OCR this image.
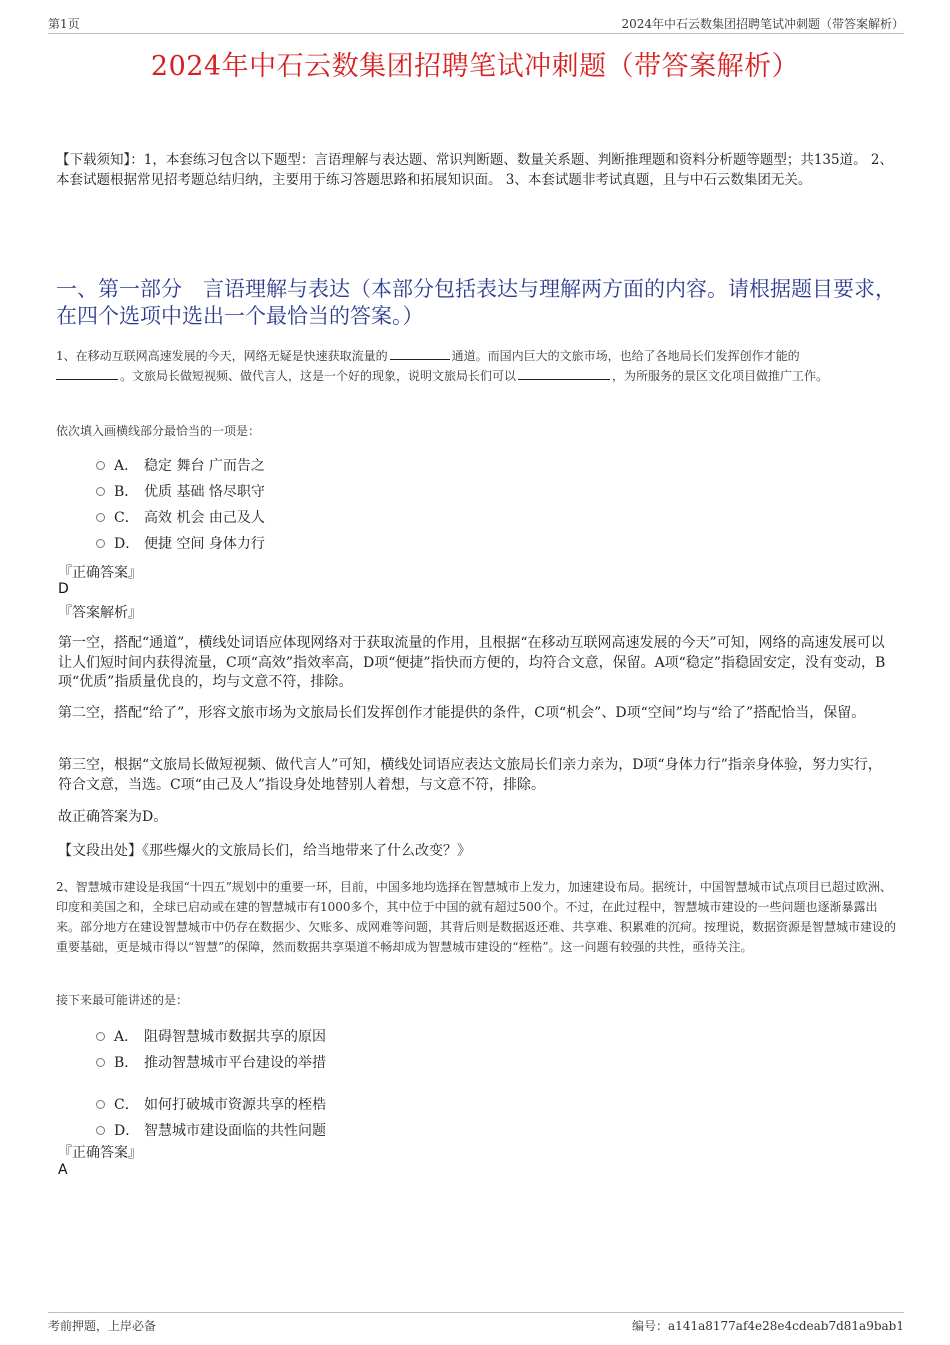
第1页	2024年中石云数集团招聘笔试冲刺题（带答案解析）
2024年中石云数集团招聘笔试冲刺题（带答案解析）
【下载须知】：1，本套练习包含以下题型：言语理解与表达题、常识判断题、数量关系题、判断推理题和资料分析题等题型；共135道。 2、本套试题根据常见招考题总结归纳，主要用于练习答题思路和拓展知识面。 3、本套试题非考试真题，且与中石云数集团无关。
一、第一部分　言语理解与表达（本部分包括表达与理解两方面的内容。请根据题目要求，在四个选项中选出一个最恰当的答案。）
1、在移动互联网高速发展的今天，网络无疑是快速获取流量的	通道。而国内巨大的文旅市场，也给了各地局长们发挥创作才能的
。文旅局长做短视频、做代言人，这是一个好的现象，说明文旅局长们可以	，为所服务的景区文化项目做推广工作。
依次填入画横线部分最恰当的一项是：
A． 稳定 舞台 广而告之
B． 优质 基础 恪尽职守
C． 高效 机会 由己及人
D． 便捷 空间 身体力行
『正确答案』
D
『答案解析』
第一空，搭配“通道”，横线处词语应体现网络对于获取流量的作用，且根据“在移动互联网高速发展的今天”可知，网络的高速发展可以让人们短时间内获得流量，C项“高效”指效率高，D项“便捷”指快而方便的，均符合文意，保留。A项“稳定”指稳固安定，没有变动，B项“优质”指质量优良的，均与文意不符，排除。
第二空，搭配“给了”，形容文旅市场为文旅局长们发挥创作才能提供的条件，C项“机会”、D项“空间”均与“给了”搭配恰当，保留。
第三空，根据“文旅局长做短视频、做代言人”可知，横线处词语应表达文旅局长们亲力亲为，D项“身体力行”指亲身体验，努力实行，符合文意，当选。C项“由己及人”指设身处地替别人着想，与文意不符，排除。
故正确答案为D。
【文段出处】《那些爆火的文旅局长们，给当地带来了什么改变？》
2、智慧城市建设是我国“十四五”规划中的重要一环，目前，中国多地均选择在智慧城市上发力，加速建设布局。据统计，中国智慧城市试点项目已超过欧洲、印度和美国之和，全球已启动或在建的智慧城市有1000多个，其中位于中国的就有超过500个。不过，在此过程中，智慧城市建设的一些问题也逐渐暴露出来。部分地方在建设智慧城市中仍存在数据少、欠账多、成网难等问题，其背后则是数据返还难、共享难、积累难的沉疴。按理说，数据资源是智慧城市建设的重要基础，更是城市得以“智慧”的保障，然而数据共享渠道不畅却成为智慧城市建设的“桎梏”。这一问题有较强的共性，亟待关注。
接下来最可能讲述的是：
A． 阻碍智慧城市数据共享的原因
B． 推动智慧城市平台建设的举措
C． 如何打破城市资源共享的桎梏
D． 智慧城市建设面临的共性问题
『正确答案』
A
考前押题，上岸必备	编号：a141a8177af4e28e4cdeab7d81a9bab1
